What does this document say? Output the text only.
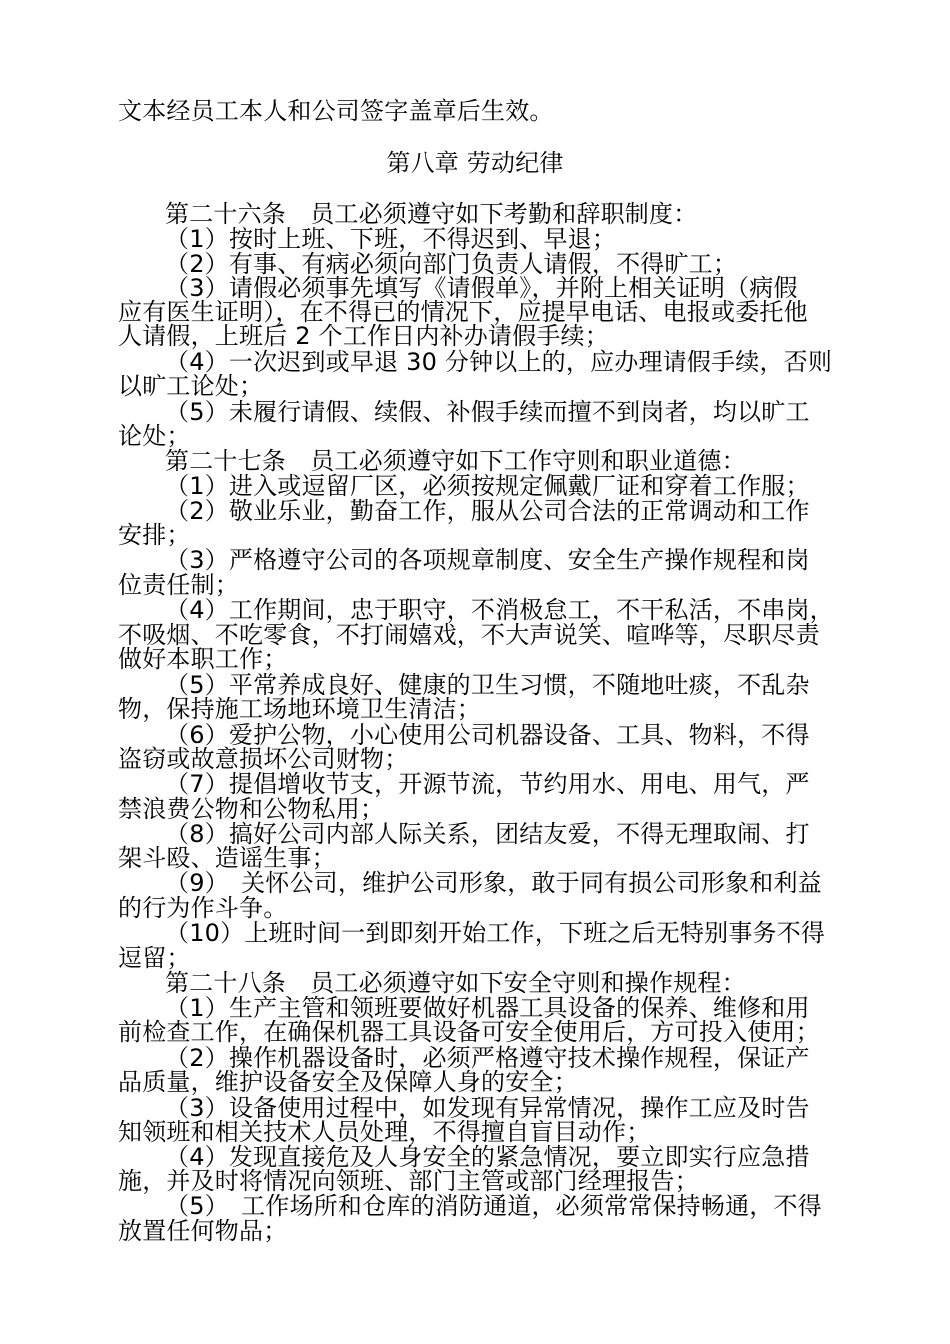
文本经员工本人和公司签字盖章后生效。
第八章 劳动纪律
第二十六条　员工必须遵守如下考勤和辞职制度：
（1）按时上班、下班，不得迟到、早退；
（2）有事、有病必须向部门负责人请假，不得旷工；
（3）请假必须事先填写《请假单》，并附上相关证明（病假
应有医生证明），在不得已的情况下，应提早电话、电报或委托他
人请假，上班后 2 个工作日内补办请假手续；
（4）一次迟到或早退 30 分钟以上的，应办理请假手续，否则
以旷工论处；
（5）未履行请假、续假、补假手续而擅不到岗者，均以旷工
论处；
第二十七条　员工必须遵守如下工作守则和职业道德：
（1）进入或逗留厂区，必须按规定佩戴厂证和穿着工作服；
（2）敬业乐业，勤奋工作，服从公司合法的正常调动和工作
安排；
（3）严格遵守公司的各项规章制度、安全生产操作规程和岗
位责任制；
（4）工作期间，忠于职守，不消极怠工，不干私活，不串岗，
不吸烟、不吃零食，不打闹嬉戏，不大声说笑、喧哗等，尽职尽责
做好本职工作；
（5）平常养成良好、健康的卫生习惯，不随地吐痰，不乱杂
物，保持施工场地环境卫生清洁；
（6）爱护公物，小心使用公司机器设备、工具、物料，不得
盗窃或故意损坏公司财物；
（7）提倡增收节支，开源节流，节约用水、用电、用气，严
禁浪费公物和公物私用；
（8）搞好公司内部人际关系，团结友爱，不得无理取闹、打
架斗殴、造谣生事；
（9）　关怀公司，维护公司形象，敢于同有损公司形象和利益
的行为作斗争。
（10）上班时间一到即刻开始工作，下班之后无特别事务不得
逗留；
第二十八条　员工必须遵守如下安全守则和操作规程：
（1）生产主管和领班要做好机器工具设备的保养、维修和用
前检查工作，在确保机器工具设备可安全使用后，方可投入使用；
（2）操作机器设备时，必须严格遵守技术操作规程，保证产
品质量，维护设备安全及保障人身的安全；
（3）设备使用过程中，如发现有异常情况，操作工应及时告
知领班和相关技术人员处理，不得擅自盲目动作；
（4）发现直接危及人身安全的紧急情况，要立即实行应急措
施，并及时将情况向领班、部门主管或部门经理报告；
（5）　工作场所和仓库的消防通道，必须常常保持畅通，不得
放置任何物品；
